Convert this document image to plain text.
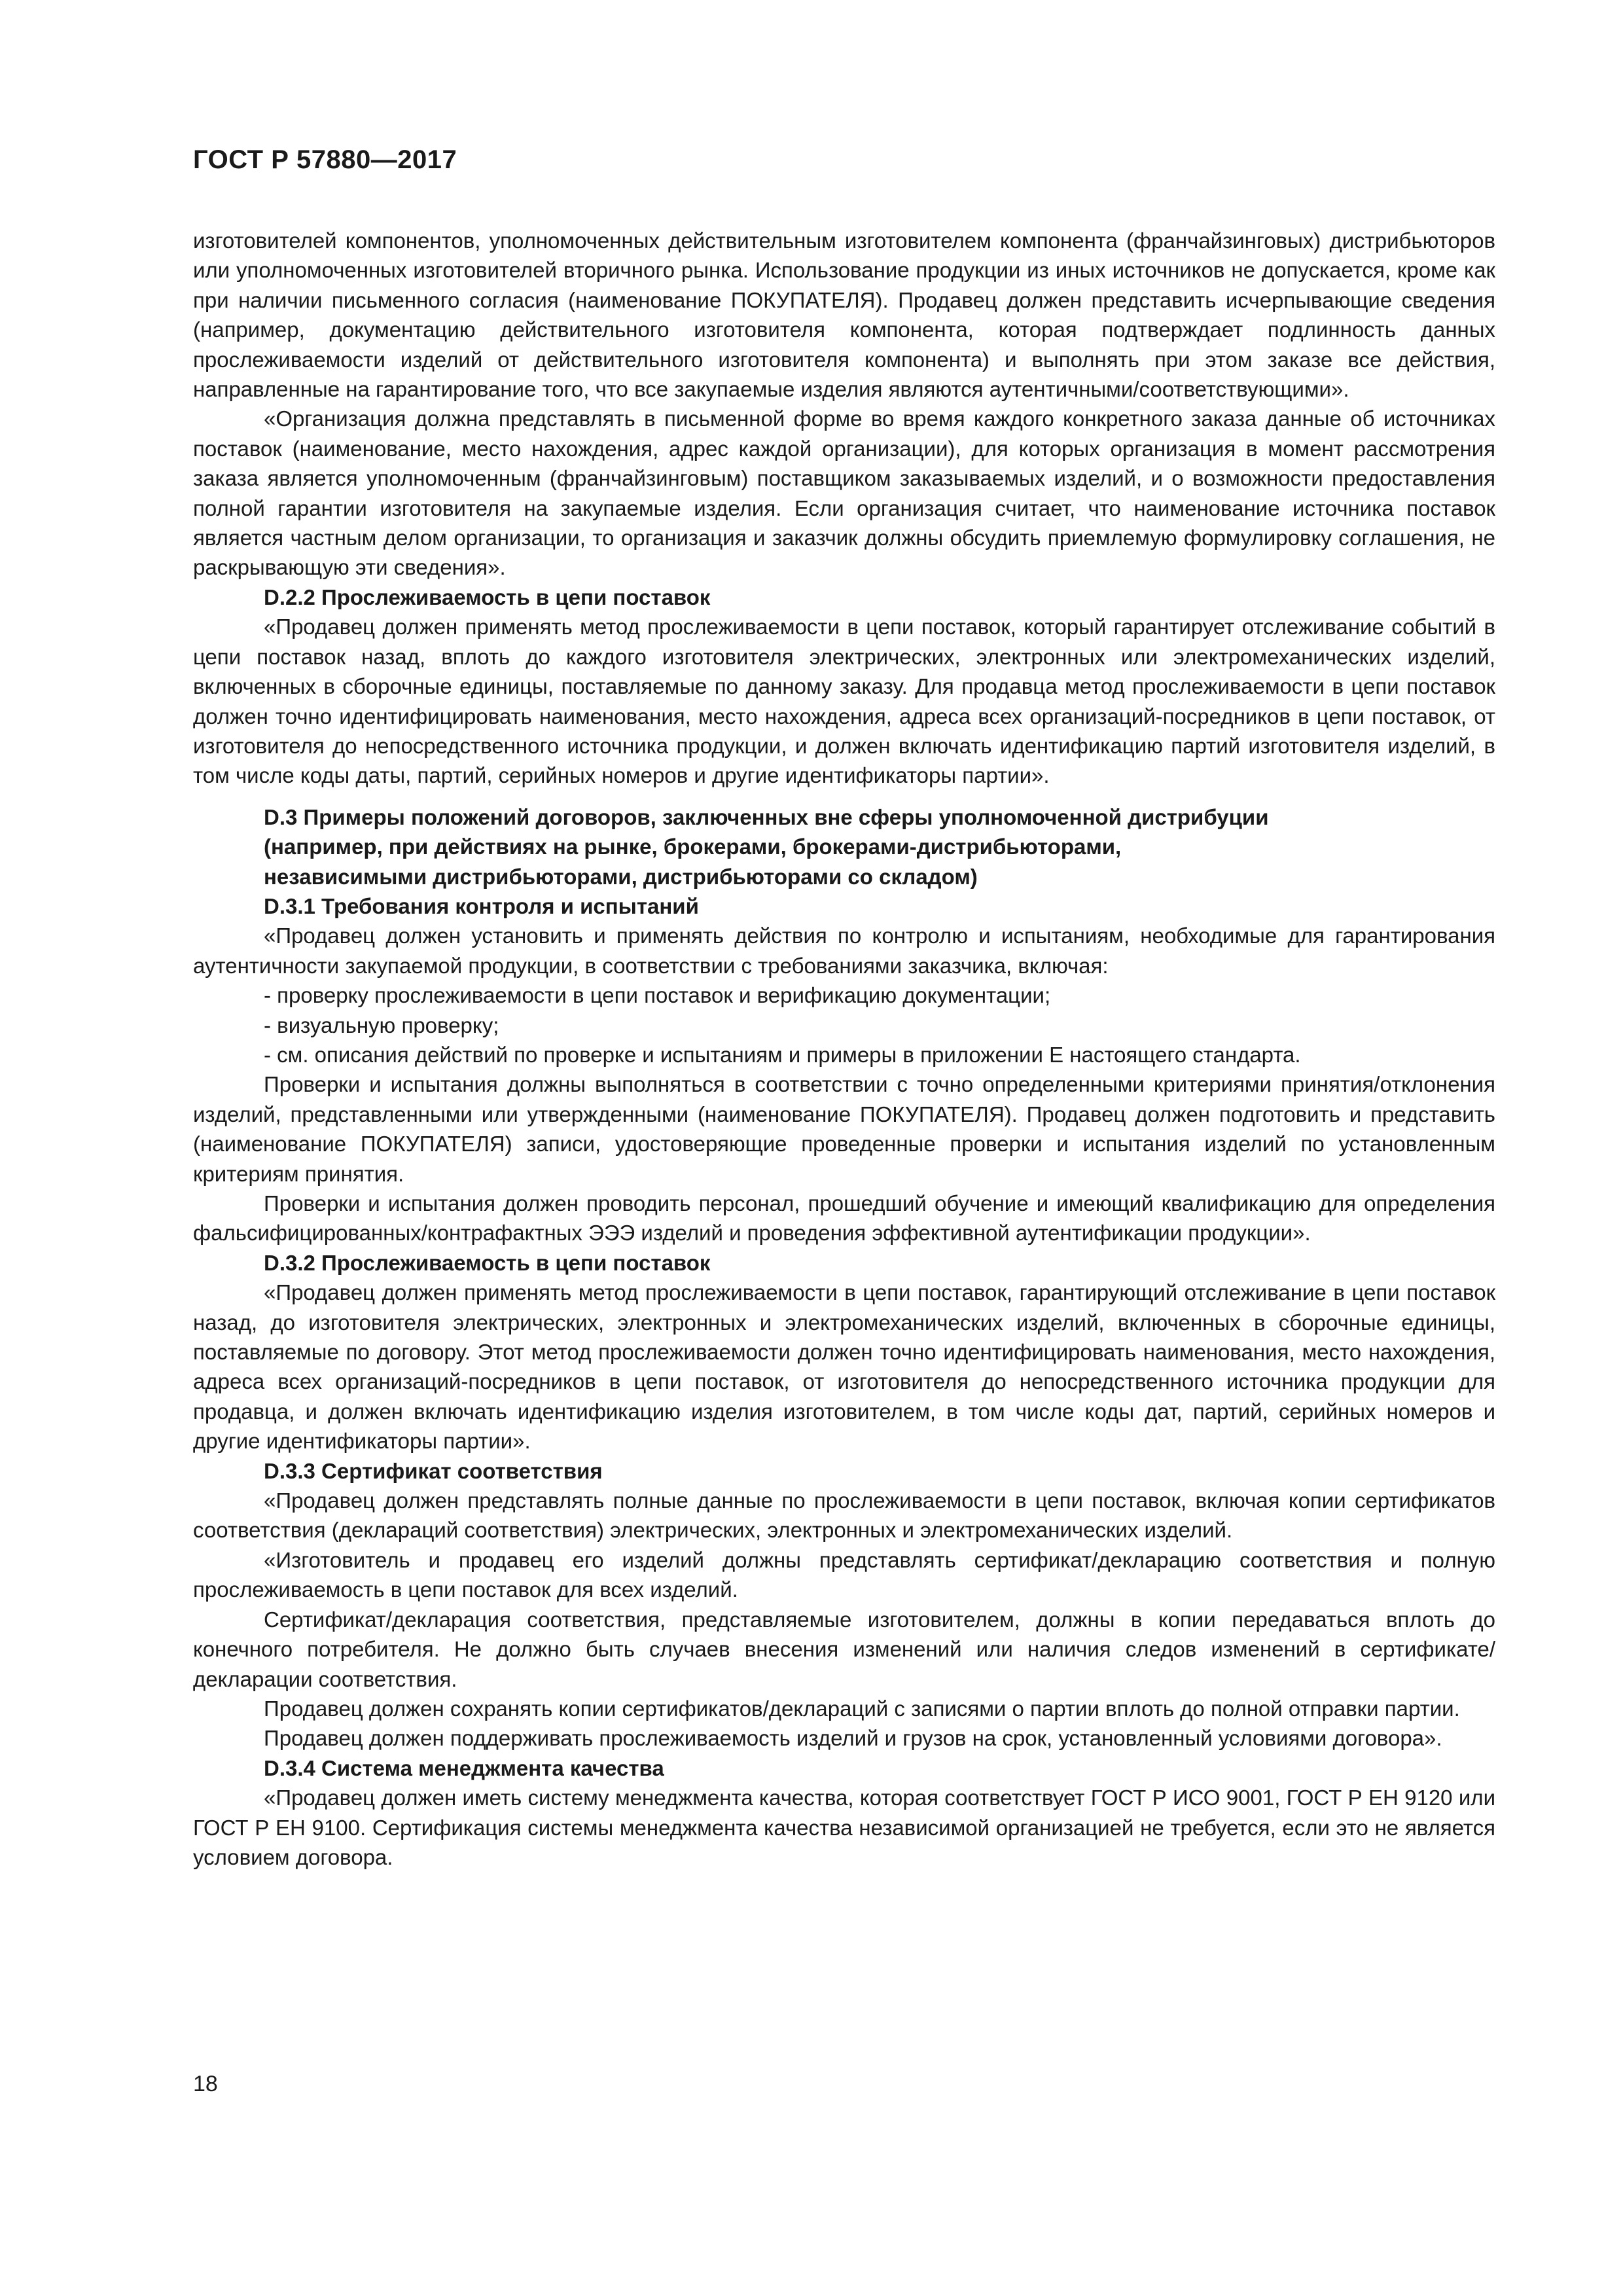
ГОСТ Р 57880—2017

изготовителей компонентов, уполномоченных действительным изготовителем компонента (франчайзинговых) дистрибьюторов или уполномоченных изготовителей вторичного рынка. Использование продукции из иных источников не допускается, кроме как при наличии письменного согласия (наименование ПОКУПАТЕЛЯ). Продавец должен представить исчерпывающие сведения (например, документацию действительного изготовителя компонента, которая подтверждает подлинность данных прослеживаемости изделий от действительного изготовителя компонента) и выполнять при этом заказе все действия, направленные на гарантирование того, что все закупаемые изделия являются аутентичными/соответствующими».

«Организация должна представлять в письменной форме во время каждого конкретного заказа данные об источниках поставок (наименование, место нахождения, адрес каждой организации), для которых организация в момент рассмотрения заказа является уполномоченным (франчайзинговым) поставщиком заказываемых изделий, и о возможности предоставления полной гарантии изготовителя на закупаемые изделия. Если организация считает, что наименование источника поставок является частным делом организации, то организация и заказчик должны обсудить приемлемую формулировку соглашения, не раскрывающую эти сведения».

D.2.2 Прослеживаемость в цепи поставок

«Продавец должен применять метод прослеживаемости в цепи поставок, который гарантирует отслеживание событий в цепи поставок назад, вплоть до каждого изготовителя электрических, электронных или электромеханических изделий, включенных в сборочные единицы, поставляемые по данному заказу. Для продавца метод прослеживаемости в цепи поставок должен точно идентифицировать наименования, место нахождения, адреса всех организаций-посредников в цепи поставок, от изготовителя до непосредственного источника продукции, и должен включать идентификацию партий изготовителя изделий, в том числе коды даты, партий, серийных номеров и другие идентификаторы партии».

D.3 Примеры положений договоров, заключенных вне сферы уполномоченной дистрибуции
(например, при действиях на рынке, брокерами, брокерами-дистрибьюторами,
независимыми дистрибьюторами, дистрибьюторами со складом)

D.3.1 Требования контроля и испытаний

«Продавец должен установить и применять действия по контролю и испытаниям, необходимые для гарантирования аутентичности закупаемой продукции, в соответствии с требованиями заказчика, включая:

- проверку прослеживаемости в цепи поставок и верификацию документации;

- визуальную проверку;

- см. описания действий по проверке и испытаниям и примеры в приложении Е настоящего стандарта.

Проверки и испытания должны выполняться в соответствии с точно определенными критериями принятия/отклонения изделий, представленными или утвержденными (наименование ПОКУПАТЕЛЯ). Продавец должен подготовить и представить (наименование ПОКУПАТЕЛЯ) записи, удостоверяющие проведенные проверки и испытания изделий по установленным критериям принятия.

Проверки и испытания должен проводить персонал, прошедший обучение и имеющий квалификацию для определения фальсифицированных/контрафактных ЭЭЭ изделий и проведения эффективной аутентификации продукции».

D.3.2 Прослеживаемость в цепи поставок

«Продавец должен применять метод прослеживаемости в цепи поставок, гарантирующий отслеживание в цепи поставок назад, до изготовителя электрических, электронных и электромеханических изделий, включенных в сборочные единицы, поставляемые по договору. Этот метод прослеживаемости должен точно идентифицировать наименования, место нахождения, адреса всех организаций-посредников в цепи поставок, от изготовителя до непосредственного источника продукции для продавца, и должен включать идентификацию изделия изготовителем, в том числе коды дат, партий, серийных номеров и другие идентификаторы партии».

D.3.3 Сертификат соответствия

«Продавец должен представлять полные данные по прослеживаемости в цепи поставок, включая копии сертификатов соответствия (деклараций соответствия) электрических, электронных и электромеханических изделий.

«Изготовитель и продавец его изделий должны представлять сертификат/декларацию соответствия и полную прослеживаемость в цепи поставок для всех изделий.

Сертификат/декларация соответствия, представляемые изготовителем, должны в копии передаваться вплоть до конечного потребителя. Не должно быть случаев внесения изменений или наличия следов изменений в сертификате/декларации соответствия.

Продавец должен сохранять копии сертификатов/деклараций с записями о партии вплоть до полной отправки партии.

Продавец должен поддерживать прослеживаемость изделий и грузов на срок, установленный условиями договора».

D.3.4 Система менеджмента качества

«Продавец должен иметь систему менеджмента качества, которая соответствует ГОСТ Р ИСО 9001, ГОСТ Р ЕН 9120 или ГОСТ Р ЕН 9100. Сертификация системы менеджмента качества независимой организацией не требуется, если это не является условием договора.

18
